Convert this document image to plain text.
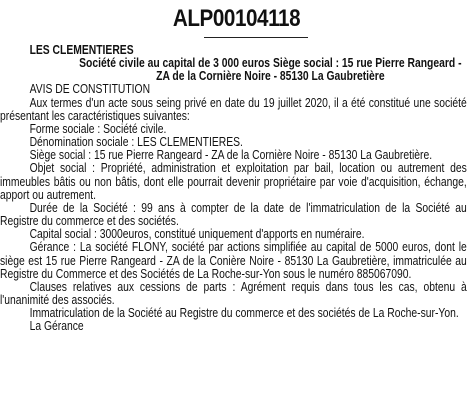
ALP00104118

LES CLEMENTIERES

Société civile au capital de 3 000 euros Siège social : 15 rue Pierre Rangeard - ZA de la Cornière Noire - 85130 La Gaubretière

AVIS DE CONSTITUTION

Aux termes d'un acte sous seing privé en date du 19 juillet 2020, il a été constitué une société présentant les caractéristiques suivantes:

Forme sociale : Société civile.

Dénomination sociale : LES CLEMENTIERES.

Siège social : 15 rue Pierre Rangeard - ZA de la Cornière Noire - 85130 La Gaubretière.

Objet social : Propriété, administration et exploitation par bail, location ou autrement des immeubles bâtis ou non bâtis, dont elle pourrait devenir propriétaire par voie d'acquisition, échange, apport ou autrement.

Durée de la Société : 99 ans à compter de la date de l'immatriculation de la Société au Registre du commerce et des sociétés.

Capital social : 3000euros, constitué uniquement d'apports en numéraire.

Gérance : La société FLONY, société par actions simplifiée au capital de 5000 euros, dont le siège est 15 rue Pierre Rangeard - ZA de la Conière Noire - 85130 La Gaubretière, immatriculée au Registre du Commerce et des Sociétés de La Roche-sur-Yon sous le numéro 885067090.

Clauses relatives aux cessions de parts : Agrément requis dans tous les cas, obtenu à l'unanimité des associés.

Immatriculation de la Société au Registre du commerce et des sociétés de La Roche-sur-Yon.

La Gérance
